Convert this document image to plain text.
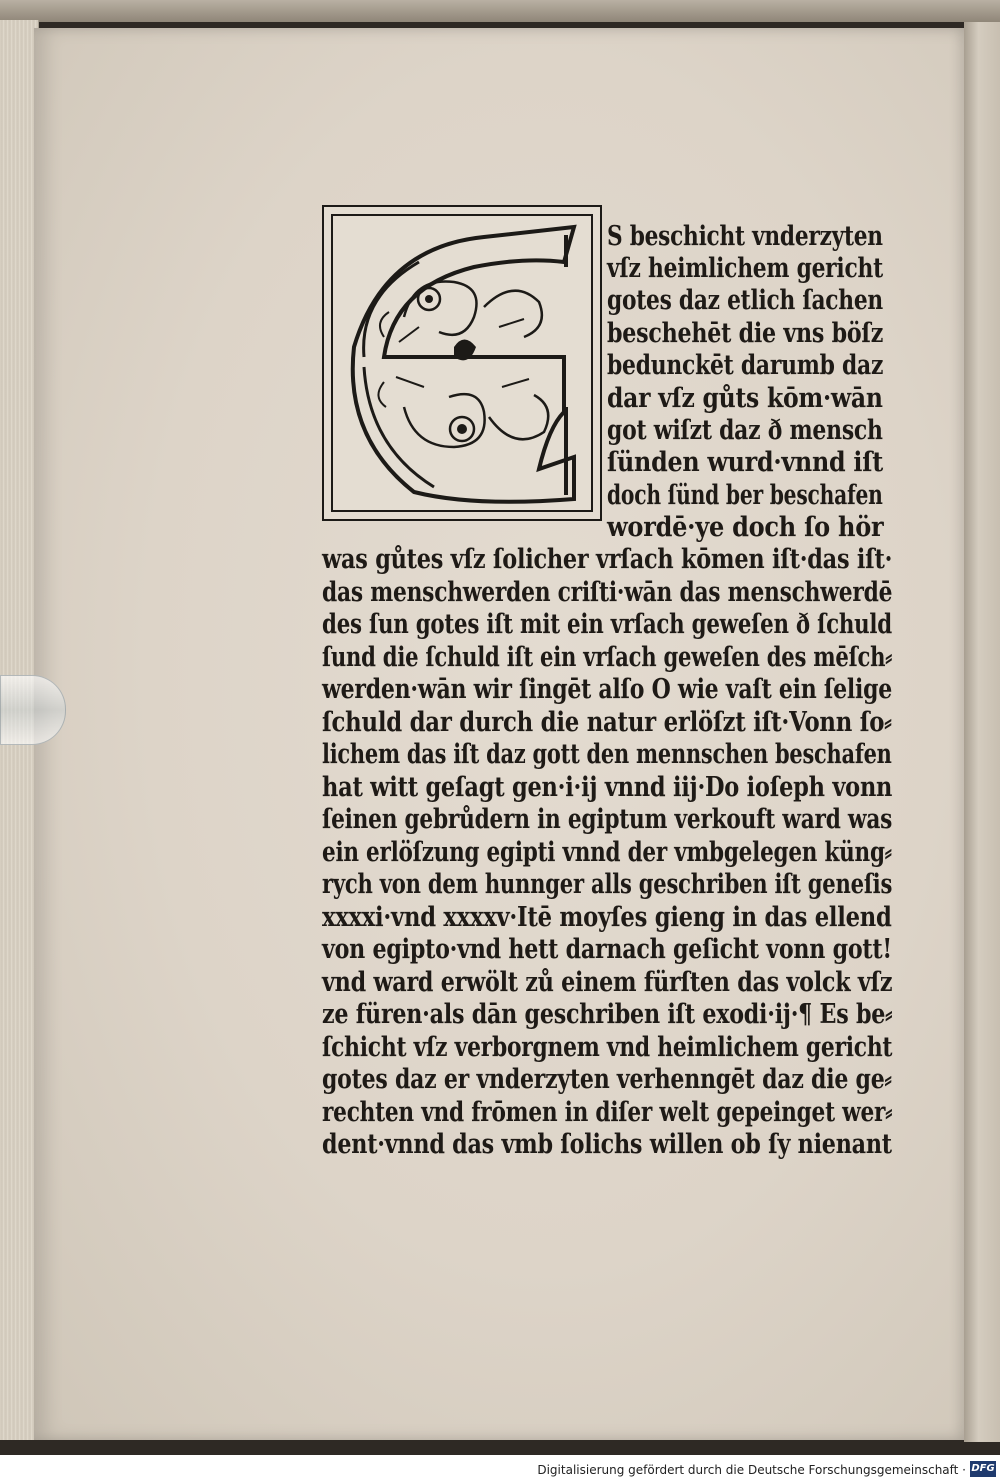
S beschicht vnderzyten
vſz heimlichem gericht
gotes daz etlich ſachen
beschehēt die vns böſz
bedunckēt darumb daz
dar vſz gůts kōm·wān
got wiſzt daz ð mensch
ſünden wurd·vnnd iſt
doch ſünd ber beschafen
wordē·ye doch ſo hör
was gůtes vſz ſolicher vrſach kōmen iſt·das iſt·
das menschwerden criſti·wān das menschwerdē
des ſun gotes iſt mit ein vrſach geweſen ð ſchuld
ſund die ſchuld iſt ein vrſach geweſen des mēſch⸗
werden·wān wir ſingēt alſo O wie vaſt ein ſelige
ſchuld dar durch die natur erlöſzt iſt·Vonn ſo⸗
lichem das iſt daz gott den mennschen beschafen
hat witt geſagt gen·i·ij vnnd iij·Do ioſeph vonn
ſeinen gebrůdern in egiptum verkouft ward was
ein erlöſzung egipti vnnd der vmbgelegen küng⸗
rych von dem hunnger alls geschriben iſt geneſis
xxxxi·vnd xxxxv·Itē moyſes gieng in das ellend
von egipto·vnd hett darnach geſicht vonn gott!
vnd ward erwölt zů einem fürſten das volck vſz
ze füren·als dān geschriben iſt exodi·ij·¶ Es be⸗
ſchicht vſz verborgnem vnd heimlichem gericht
gotes daz er vnderzyten verhenngēt daz die ge⸗
rechten vnd frōmen in diſer welt gepeinget wer⸗
dent·vnnd das vmb ſolichs willen ob ſy nienant
Digitalisierung gefördert durch die Deutsche Forschungsgemeinschaft · DFG
